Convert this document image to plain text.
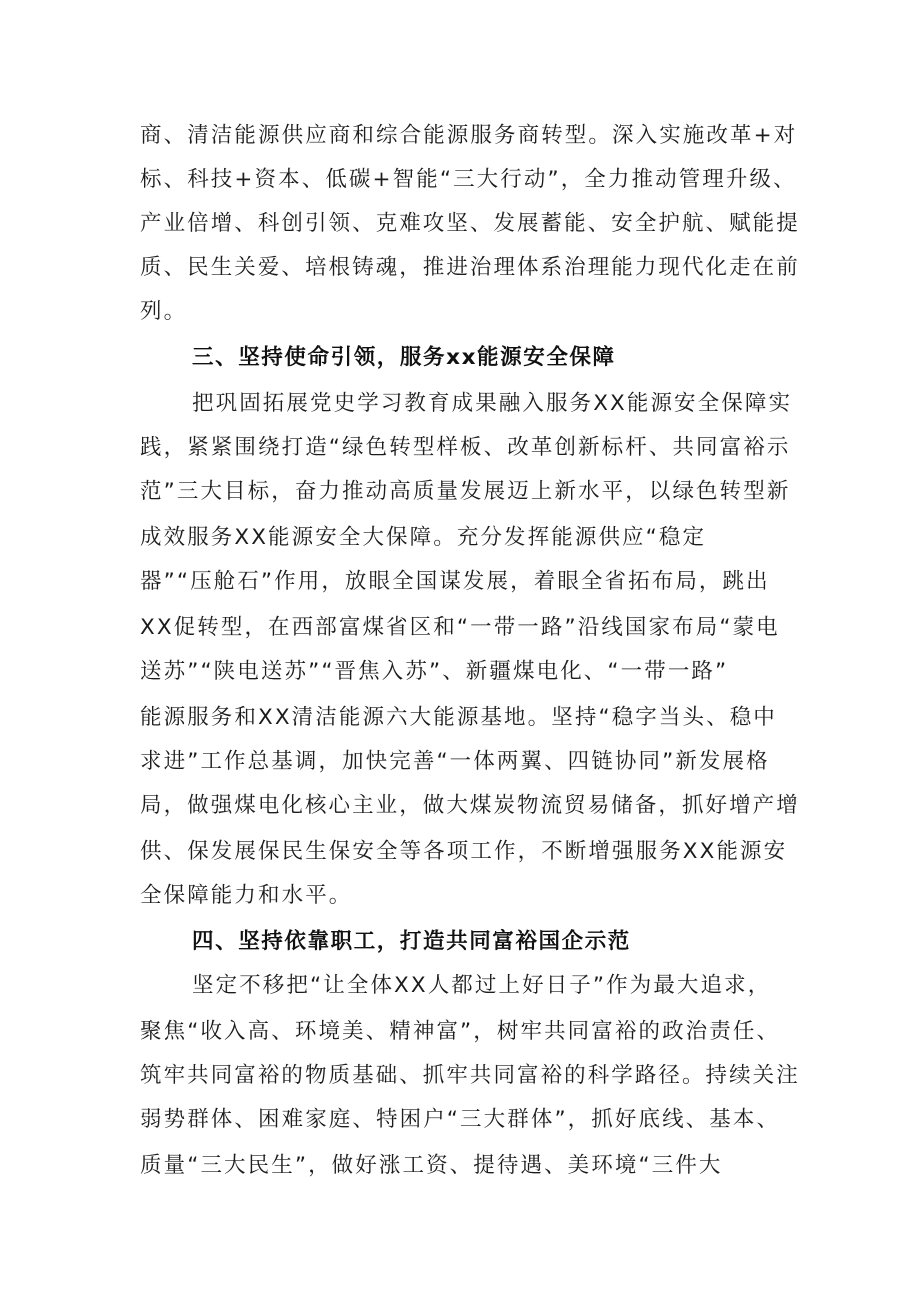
商、清洁能源供应商和综合能源服务商转型。深入实施改革+对
标、科技+资本、低碳+智能“三大行动”，全力推动管理升级、
产业倍增、科创引领、克难攻坚、发展蓄能、安全护航、赋能提
质、民生关爱、培根铸魂，推进治理体系治理能力现代化走在前
列。
三、坚持使命引领，服务xx能源安全保障
把巩固拓展党史学习教育成果融入服务XX能源安全保障实
践，紧紧围绕打造“绿色转型样板、改革创新标杆、共同富裕示
范”三大目标，奋力推动高质量发展迈上新水平，以绿色转型新
成效服务XX能源安全大保障。充分发挥能源供应“稳定
器”“压舱石”作用，放眼全国谋发展，着眼全省拓布局，跳出
XX促转型，在西部富煤省区和“一带一路”沿线国家布局“蒙电
送苏”“陕电送苏”“晋焦入苏”、新疆煤电化、“一带一路”
能源服务和XX清洁能源六大能源基地。坚持“稳字当头、稳中
求进”工作总基调，加快完善“一体两翼、四链协同”新发展格
局，做强煤电化核心主业，做大煤炭物流贸易储备，抓好增产增
供、保发展保民生保安全等各项工作，不断增强服务XX能源安
全保障能力和水平。
四、坚持依靠职工，打造共同富裕国企示范
坚定不移把“让全体XX人都过上好日子”作为最大追求，
聚焦“收入高、环境美、精神富”，树牢共同富裕的政治责任、
筑牢共同富裕的物质基础、抓牢共同富裕的科学路径。持续关注
弱势群体、困难家庭、特困户“三大群体”，抓好底线、基本、
质量“三大民生”，做好涨工资、提待遇、美环境“三件大
